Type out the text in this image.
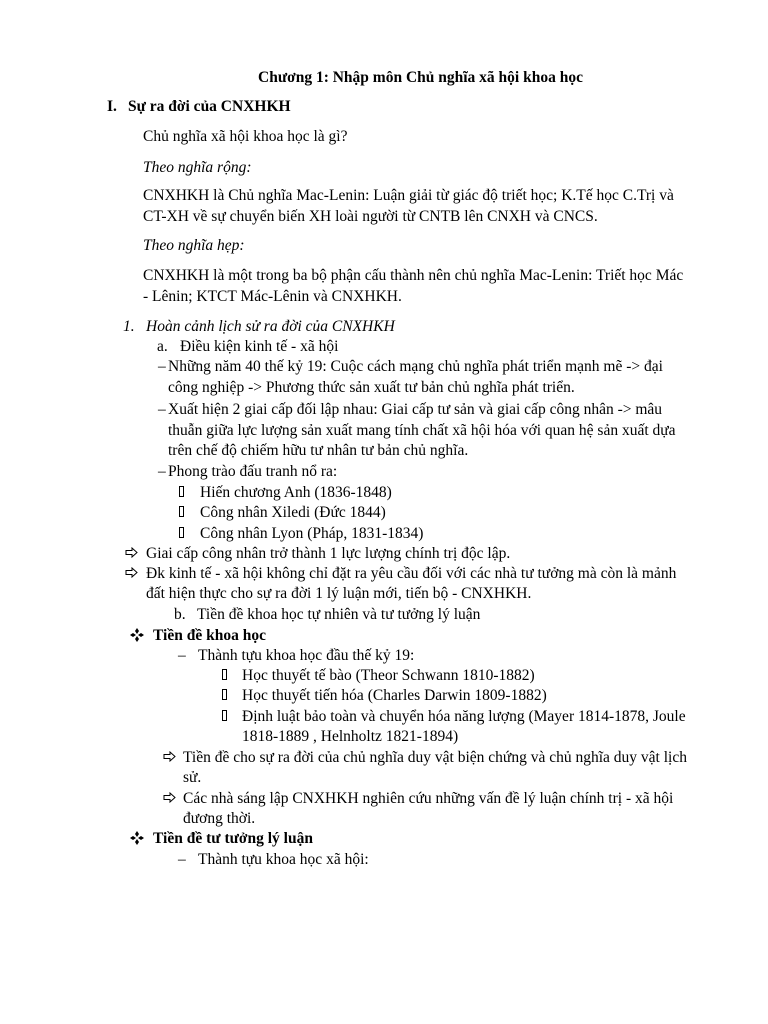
Chương 1: Nhập môn Chủ nghĩa xã hội khoa học
I. Sự ra đời của CNXHKH
Chủ nghĩa xã hội khoa học là gì?
Theo nghĩa rộng:
CNXHKH là Chủ nghĩa Mac-Lenin: Luận giải từ giác độ triết học; K.Tế học C.Trị và
CT-XH về sự chuyển biến XH loài người từ CNTB lên CNXH và CNCS.
Theo nghĩa hẹp:
CNXHKH là một trong ba bộ phận cấu thành nên chủ nghĩa Mac-Lenin: Triết học Mác
- Lênin; KTCT Mác-Lênin và CNXHKH.
1. Hoàn cảnh lịch sử ra đời của CNXHKH
a. Điều kiện kinh tế - xã hội
– Những năm 40 thế kỷ 19: Cuộc cách mạng chủ nghĩa phát triển mạnh mẽ -> đại
công nghiệp -> Phương thức sản xuất tư bản chủ nghĩa phát triển.
– Xuất hiện 2 giai cấp đối lập nhau: Giai cấp tư sản và giai cấp công nhân -> mâu
thuẫn giữa lực lượng sản xuất mang tính chất xã hội hóa với quan hệ sản xuất dựa
trên chế độ chiếm hữu tư nhân tư bản chủ nghĩa.
– Phong trào đấu tranh nổ ra:
Hiến chương Anh (1836-1848)
Công nhân Xiledi (Đức 1844)
Công nhân Lyon (Pháp, 1831-1834)
Giai cấp công nhân trở thành 1 lực lượng chính trị độc lập.
Đk kinh tế - xã hội không chỉ đặt ra yêu cầu đối với các nhà tư tưởng mà còn là mảnh
đất hiện thực cho sự ra đời 1 lý luận mới, tiến bộ - CNXHKH.
b. Tiền đề khoa học tự nhiên và tư tưởng lý luận
Tiền đề khoa học
– Thành tựu khoa học đầu thế kỷ 19:
Học thuyết tế bào (Theor Schwann 1810-1882)
Học thuyết tiến hóa (Charles Darwin 1809-1882)
Định luật bảo toàn và chuyển hóa năng lượng (Mayer 1814-1878, Joule
1818-1889 , Helnholtz 1821-1894)
Tiền đề cho sự ra đời của chủ nghĩa duy vật biện chứng và chủ nghĩa duy vật lịch
sử.
Các nhà sáng lập CNXHKH nghiên cứu những vấn đề lý luận chính trị - xã hội
đương thời.
Tiền đề tư tưởng lý luận
– Thành tựu khoa học xã hội:
